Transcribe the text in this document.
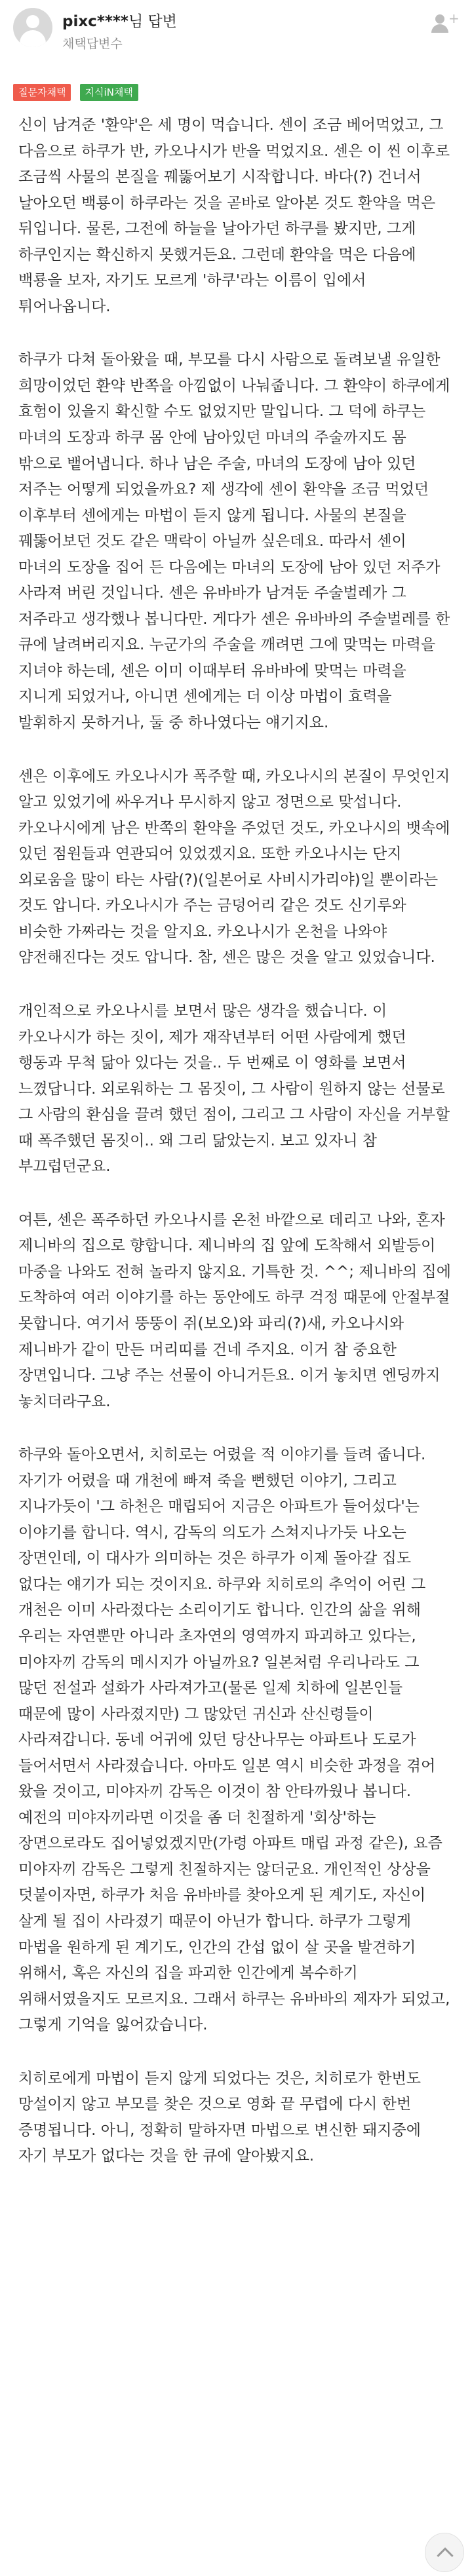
pixc****님 답변
채택답변수
+
질문자채택 지식iN채택

신이 남겨준 '환약'은 세 명이 먹습니다. 센이 조금 베어먹었고, 그 다음으로 하쿠가 반, 카오나시가 반을 먹었지요. 센은 이 씬 이후로 조금씩 사물의 본질을 꿰뚫어보기 시작합니다. 바다(?) 건너서 날아오던 백룡이 하쿠라는 것을 곧바로 알아본 것도 환약을 먹은 뒤입니다. 물론, 그전에 하늘을 날아가던 하쿠를 봤지만, 그게 하쿠인지는 확신하지 못했거든요. 그런데 환약을 먹은 다음에 백룡을 보자, 자기도 모르게 '하쿠'라는 이름이 입에서 튀어나옵니다.

하쿠가 다쳐 돌아왔을 때, 부모를 다시 사람으로 돌려보낼 유일한 희망이었던 환약 반쪽을 아낌없이 나눠줍니다. 그 환약이 하쿠에게 효험이 있을지 확신할 수도 없었지만 말입니다. 그 덕에 하쿠는 마녀의 도장과 하쿠 몸 안에 남아있던 마녀의 주술까지도 몸 밖으로 뱉어냅니다. 하나 남은 주술, 마녀의 도장에 남아 있던 저주는 어떻게 되었을까요? 제 생각에 센이 환약을 조금 먹었던 이후부터 센에게는 마법이 듣지 않게 됩니다. 사물의 본질을 꿰뚫어보던 것도 같은 맥락이 아닐까 싶은데요. 따라서 센이 마녀의 도장을 집어 든 다음에는 마녀의 도장에 남아 있던 저주가 사라져 버린 것입니다. 센은 유바바가 남겨둔 주술벌레가 그 저주라고 생각했나 봅니다만. 게다가 센은 유바바의 주술벌레를 한 큐에 날려버리지요. 누군가의 주술을 깨려면 그에 맞먹는 마력을 지녀야 하는데, 센은 이미 이때부터 유바바에 맞먹는 마력을 지니게 되었거나, 아니면 센에게는 더 이상 마법이 효력을 발휘하지 못하거나, 둘 중 하나였다는 얘기지요.

센은 이후에도 카오나시가 폭주할 때, 카오나시의 본질이 무엇인지 알고 있었기에 싸우거나 무시하지 않고 정면으로 맞섭니다. 카오나시에게 남은 반쪽의 환약을 주었던 것도, 카오나시의 뱃속에 있던 점원들과 연관되어 있었겠지요. 또한 카오나시는 단지 외로움을 많이 타는 사람(?)(일본어로 사비시가리야)일 뿐이라는 것도 압니다. 카오나시가 주는 금덩어리 같은 것도 신기루와 비슷한 가짜라는 것을 알지요. 카오나시가 온천을 나와야 얌전해진다는 것도 압니다. 참, 센은 많은 것을 알고 있었습니다.

개인적으로 카오나시를 보면서 많은 생각을 했습니다. 이 카오나시가 하는 짓이, 제가 재작년부터 어떤 사람에게 했던 행동과 무척 닮아 있다는 것을.. 두 번째로 이 영화를 보면서 느꼈답니다. 외로워하는 그 몸짓이, 그 사람이 원하지 않는 선물로 그 사람의 환심을 끌려 했던 점이, 그리고 그 사람이 자신을 거부할 때 폭주했던 몸짓이.. 왜 그리 닮았는지. 보고 있자니 참 부끄럽던군요.

여튼, 센은 폭주하던 카오나시를 온천 바깥으로 데리고 나와, 혼자 제니바의 집으로 향합니다. 제니바의 집 앞에 도착해서 외발등이 마중을 나와도 전혀 놀라지 않지요. 기특한 것. ^^; 제니바의 집에 도착하여 여러 이야기를 하는 동안에도 하쿠 걱정 때문에 안절부절 못합니다. 여기서 뚱뚱이 쥐(보오)와 파리(?)새, 카오나시와 제니바가 같이 만든 머리띠를 건네 주지요. 이거 참 중요한 장면입니다. 그냥 주는 선물이 아니거든요. 이거 놓치면 엔딩까지 놓치더라구요.

하쿠와 돌아오면서, 치히로는 어렸을 적 이야기를 들려 줍니다. 자기가 어렸을 때 개천에 빠져 죽을 뻔했던 이야기, 그리고 지나가듯이 '그 하천은 매립되어 지금은 아파트가 들어섰다'는 이야기를 합니다. 역시, 감독의 의도가 스쳐지나가듯 나오는 장면인데, 이 대사가 의미하는 것은 하쿠가 이제 돌아갈 집도 없다는 얘기가 되는 것이지요. 하쿠와 치히로의 추억이 어린 그 개천은 이미 사라졌다는 소리이기도 합니다. 인간의 삶을 위해 우리는 자연뿐만 아니라 초자연의 영역까지 파괴하고 있다는, 미야자끼 감독의 메시지가 아닐까요? 일본처럼 우리나라도 그 많던 전설과 설화가 사라져가고(물론 일제 치하에 일본인들 때문에 많이 사라졌지만) 그 많았던 귀신과 산신령들이 사라져갑니다. 동네 어귀에 있던 당산나무는 아파트나 도로가 들어서면서 사라졌습니다. 아마도 일본 역시 비슷한 과정을 겪어 왔을 것이고, 미야자끼 감독은 이것이 참 안타까웠나 봅니다. 예전의 미야자끼라면 이것을 좀 더 친절하게 '회상'하는 장면으로라도 집어넣었겠지만(가령 아파트 매립 과정 같은), 요즘 미야자끼 감독은 그렇게 친절하지는 않더군요. 개인적인 상상을 덧붙이자면, 하쿠가 처음 유바바를 찾아오게 된 계기도, 자신이 살게 될 집이 사라졌기 때문이 아닌가 합니다. 하쿠가 그렇게 마법을 원하게 된 계기도, 인간의 간섭 없이 살 곳을 발견하기 위해서, 혹은 자신의 집을 파괴한 인간에게 복수하기 위해서였을지도 모르지요. 그래서 하쿠는 유바바의 제자가 되었고, 그렇게 기억을 잃어갔습니다.

치히로에게 마법이 듣지 않게 되었다는 것은, 치히로가 한번도 망설이지 않고 부모를 찾은 것으로 영화 끝 무렵에 다시 한번 증명됩니다. 아니, 정확히 말하자면 마법으로 변신한 돼지중에 자기 부모가 없다는 것을 한 큐에 알아봤지요.
